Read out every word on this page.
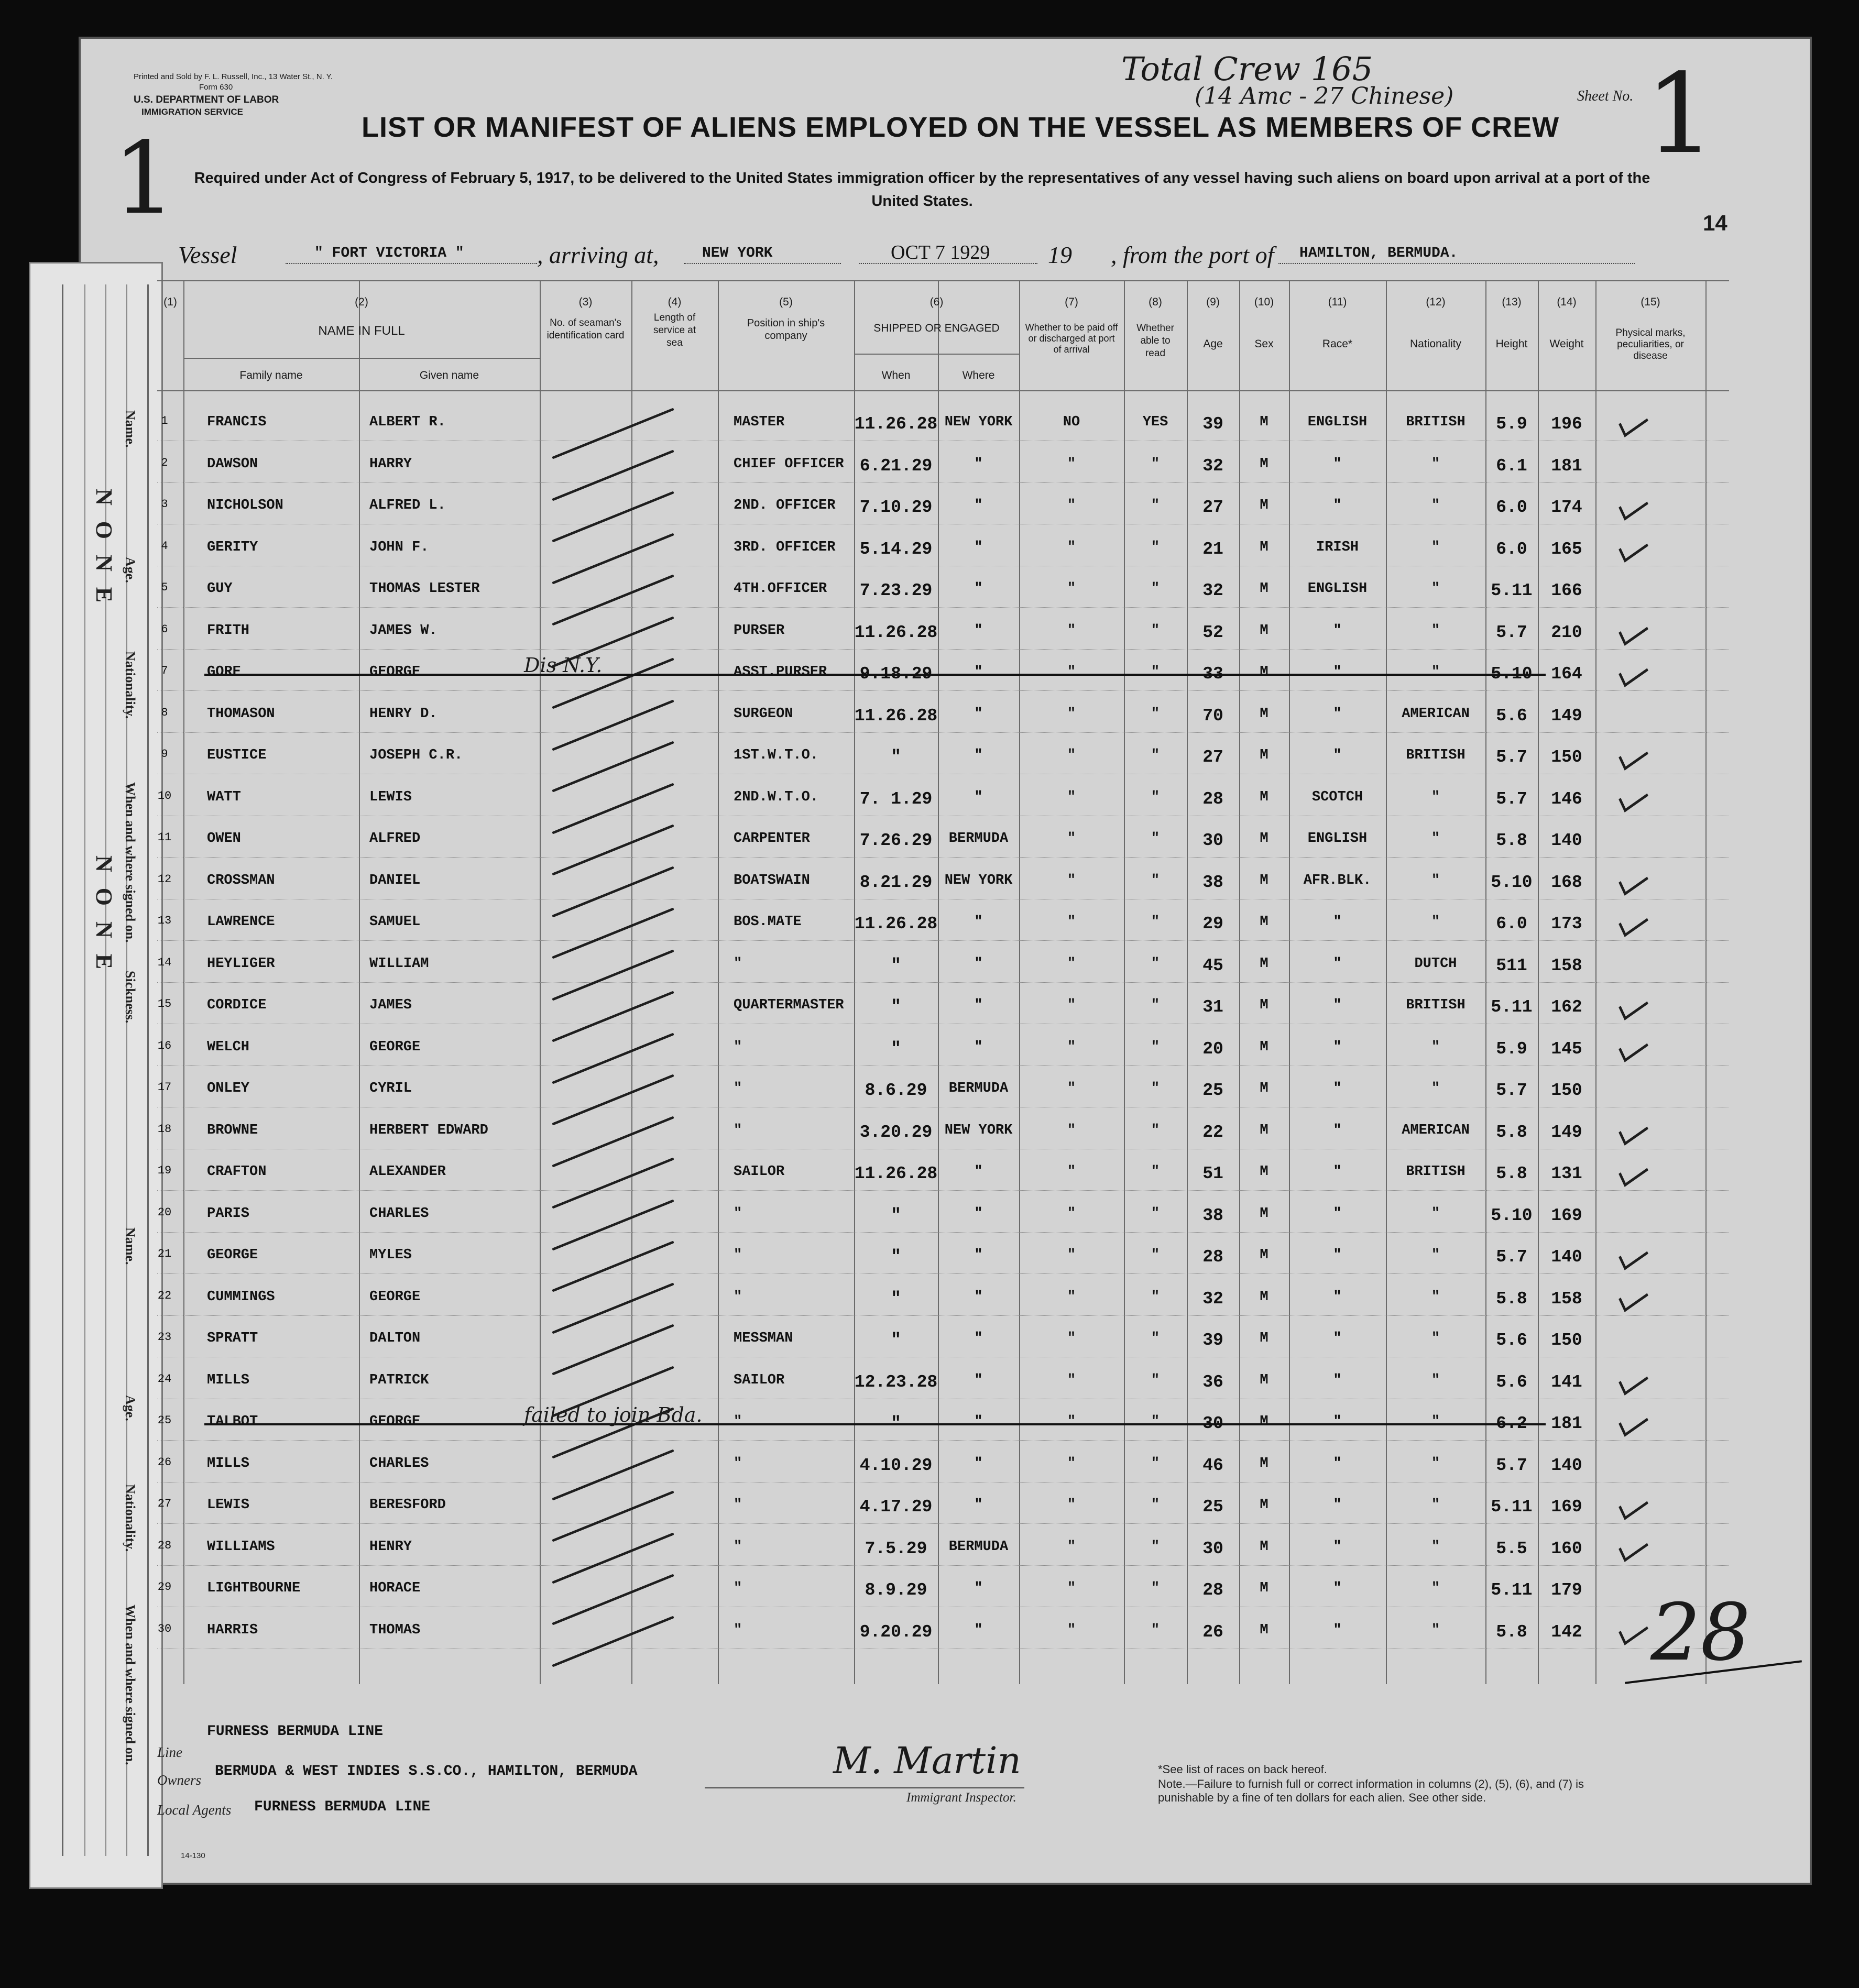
Printed and Sold by F. L. Russell, Inc., 13 Water St., N. Y.
Form 630
U.S. DEPARTMENT OF LABOR
IMMIGRATION SERVICE
1	LIST OR MANIFEST OF ALIENS EMPLOYED ON THE VESSEL AS MEMBERS OF CREW
Required under Act of Congress of February 5, 1917, to be delivered to the United States immigration officer by the representatives of any vessel having such aliens on board upon arrival at a port of the United States.
Total Crew 165
(14 Amc - 27 Chinese)	Sheet No. 1
14
Vessel	" FORT VICTORIA "	, arriving at,	NEW YORK	OCT 7 1929 19 , from the port of HAMILTON, BERMUDA.
NONE
NONE
Name.
Age.
Nationality.
When and where signed on.
Sickness.
Name.
Age.
Nationality.
When and where signed on.
(1)	(2)
NAME IN FULL
Family name	Given name
(3)
No. of seaman's identification card
(4)
Length of service at sea
(5)
Position in ship's company
(6)
SHIPPED OR ENGAGED
When	Where
(7)
Whether to be paid off or discharged at port of arrival
(8)
Whether able to read
(9)
Age
(10)
Sex
(11)
Race*
(12)
Nationality
(13)
Height
(14)
Weight
(15)
Physical marks, peculiarities, or disease
1	FRANCIS	ALBERT R.	MASTER	11.26.28 NEW YORK	NO	YES	39	M	ENGLISH	BRITISH	5.9	196
2	DAWSON	HARRY	CHIEF OFFICER 6.21.29	"	"	"	32	M	"	"	6.1	181
3	NICHOLSON	ALFRED L.	2ND. OFFICER	7.10.29	"	"	"	27	M	"	"	6.0	174
4	GERITY	JOHN F.	3RD. OFFICER	5.14.29	"	"	"	21	M	IRISH	"	6.0	165
5	GUY	THOMAS LESTER	4TH.OFFICER	7.23.29	"	"	"	32	M	ENGLISH	"	5.11	166
6	FRITH	JAMES W.	PURSER	11.26.28	"	"	"	52	M	"	"	5.7	210
7	GORE	GEORGE	ASST.PURSER	9.18.29	"	"	"	33	M	"	"	5.10	164
Dis N.Y.
8	THOMASON	HENRY D.	SURGEON	11.26.28	"	"	"	70	M	"	AMERICAN	5.6	149
9	EUSTICE	JOSEPH C.R.	1ST.W.T.O.	"	"	"	"	27	M	"	BRITISH	5.7	150
10	WATT	LEWIS	2ND.W.T.O.	7. 1.29	"	"	"	28	M	SCOTCH	"	5.7	146
11	OWEN	ALFRED	CARPENTER	7.26.29	BERMUDA	"	"	30	M	ENGLISH	"	5.8	140
12	CROSSMAN	DANIEL	BOATSWAIN	8.21.29 NEW YORK	"	"	38	M	AFR.BLK.	"	5.10	168
13	LAWRENCE	SAMUEL	BOS.MATE	11.26.28	"	"	"	29	M	"	"	6.0	173
14	HEYLIGER	WILLIAM	"	"	"	"	"	45	M	"	DUTCH	511	158
15	CORDICE	JAMES	QUARTERMASTER	"	"	"	"	31	M	"	BRITISH	5.11	162
16	WELCH	GEORGE	"	"	"	"	"	20	M	"	"	5.9	145
17	ONLEY	CYRIL	"	8.6.29	BERMUDA	"	"	25	M	"	"	5.7	150
18	BROWNE	HERBERT EDWARD	"	3.20.29 NEW YORK	"	"	22	M	"	AMERICAN	5.8	149
19	CRAFTON	ALEXANDER	SAILOR	11.26.28	"	"	"	51	M	"	BRITISH	5.8	131
20	PARIS	CHARLES	"	"	"	"	"	38	M	"	"	5.10	169
21	GEORGE	MYLES	"	"	"	"	"	28	M	"	"	5.7	140
22	CUMMINGS	GEORGE	"	"	"	"	"	32	M	"	"	5.8	158
23	SPRATT	DALTON	MESSMAN	"	"	"	"	39	M	"	"	5.6	150
24	MILLS	PATRICK	SAILOR	12.23.28	"	"	"	36	M	"	"	5.6	141
25	TALBOT	GEORGE	"	"	"	"	"	30	M	"	"	6.2	181
failed to join Bda.
26	MILLS	CHARLES	"	4.10.29	"	"	"	46	M	"	"	5.7	140
27	LEWIS	BERESFORD	"	4.17.29	"	"	"	25	M	"	"	5.11	169
28	WILLIAMS	HENRY	"	7.5.29	BERMUDA	"	"	30	M	"	"	5.5	160
29	LIGHTBOURNE	HORACE	"	8.9.29	"	"	"	28	M	"	"	5.11	179
30	HARRIS	THOMAS	"	9.20.29	"	"	"	26	M	"	"	5.8	142 28
Line
FURNESS BERMUDA LINE
Owners
BERMUDA & WEST INDIES S.S.CO., HAMILTON, BERMUDA
Local Agents FURNESS BERMUDA LINE
14-130
M. Martin
Immigrant Inspector.
*See list of races on back hereof.
Note.—Failure to furnish full or correct information in columns (2), (5), (6), and (7) is punishable by a fine of ten dollars for each alien. See other side.
